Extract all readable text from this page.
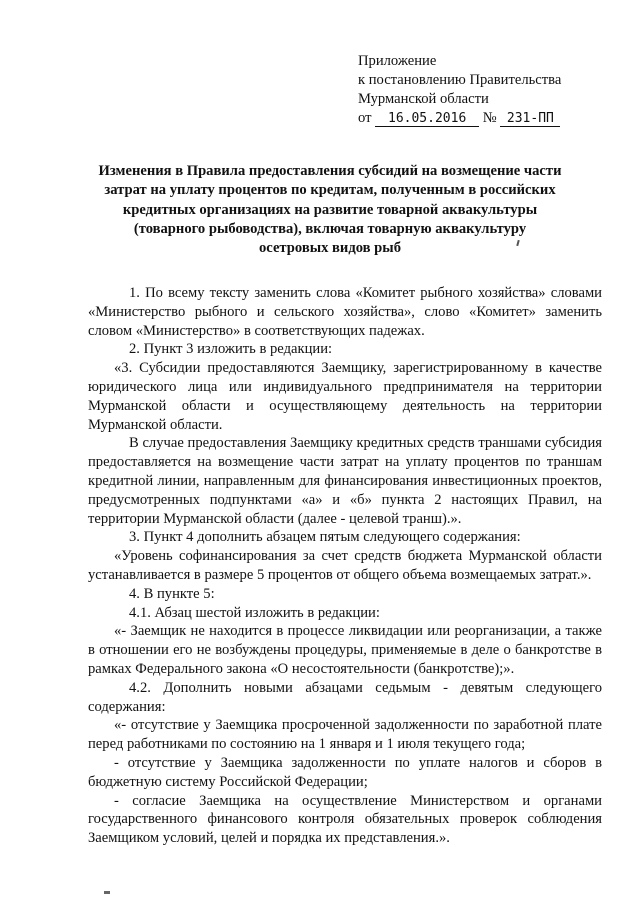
Приложение
к постановлению Правительства
Мурманской области
от 16.05.2016 № 231-ПП
Изменения в Правила предоставления субсидий на возмещение части
затрат на уплату процентов по кредитам, полученным в российских
кредитных организациях на развитие товарной аквакультуры
(товарного рыбоводства), включая товарную аквакультуру
осетровых видов рыб

1. По всему тексту заменить слова «Комитет рыбного хозяйства» словами «Министерство рыбного и сельского хозяйства», слово «Комитет» заменить словом «Министерство» в соответствующих падежах.

2. Пункт 3 изложить в редакции:

«3. Субсидии предоставляются Заемщику, зарегистрированному в качестве юридического лица или индивидуального предпринимателя на территории Мурманской области и осуществляющему деятельность на территории Мурманской области.

В случае предоставления Заемщику кредитных средств траншами субсидия предоставляется на возмещение части затрат на уплату процентов по траншам кредитной линии, направленным для финансирования инвестиционных проектов, предусмотренных подпунктами «а» и «б» пункта 2 настоящих Правил, на территории Мурманской области (далее - целевой транш).».

3. Пункт 4 дополнить абзацем пятым следующего содержания:

«Уровень софинансирования за счет средств бюджета Мурманской области устанавливается в размере 5 процентов от общего объема возмещаемых затрат.».

4. В пункте 5:

4.1. Абзац шестой изложить в редакции:

«- Заемщик не находится в процессе ликвидации или реорганизации, а также в отношении его не возбуждены процедуры, применяемые в деле о банкротстве в рамках Федерального закона «О несостоятельности (банкротстве);».

4.2. Дополнить новыми абзацами седьмым - девятым следующего содержания:

«- отсутствие у Заемщика просроченной задолженности по заработной плате перед работниками по состоянию на 1 января и 1 июля текущего года;

- отсутствие у Заемщика задолженности по уплате налогов и сборов в бюджетную систему Российской Федерации;

- согласие Заемщика на осуществление Министерством и органами государственного финансового контроля обязательных проверок соблюдения Заемщиком условий, целей и порядка их представления.».
